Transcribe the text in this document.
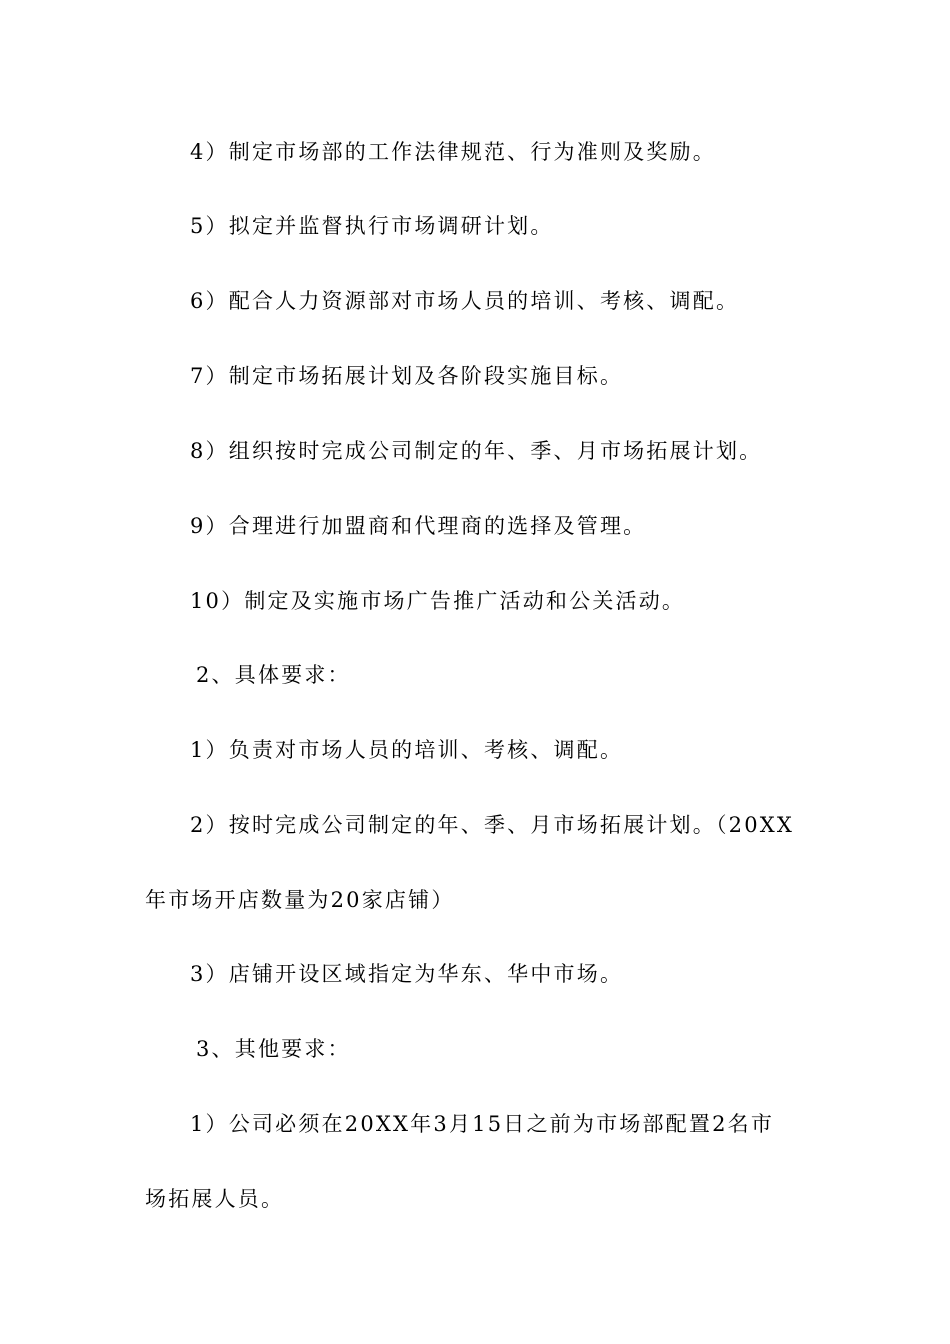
4）制定市场部的工作法律规范、行为准则及奖励。
5）拟定并监督执行市场调研计划。
6）配合人力资源部对市场人员的培训、考核、调配。
7）制定市场拓展计划及各阶段实施目标。
8）组织按时完成公司制定的年、季、月市场拓展计划。
9）合理进行加盟商和代理商的选择及管理。
10）制定及实施市场广告推广活动和公关活动。
2、具体要求：
1）负责对市场人员的培训、考核、调配。
2）按时完成公司制定的年、季、月市场拓展计划。（20XX
年市场开店数量为20家店铺）
3）店铺开设区域指定为华东、华中市场。
3、其他要求：
1）公司必须在20XX年3月15日之前为市场部配置2名市
场拓展人员。
